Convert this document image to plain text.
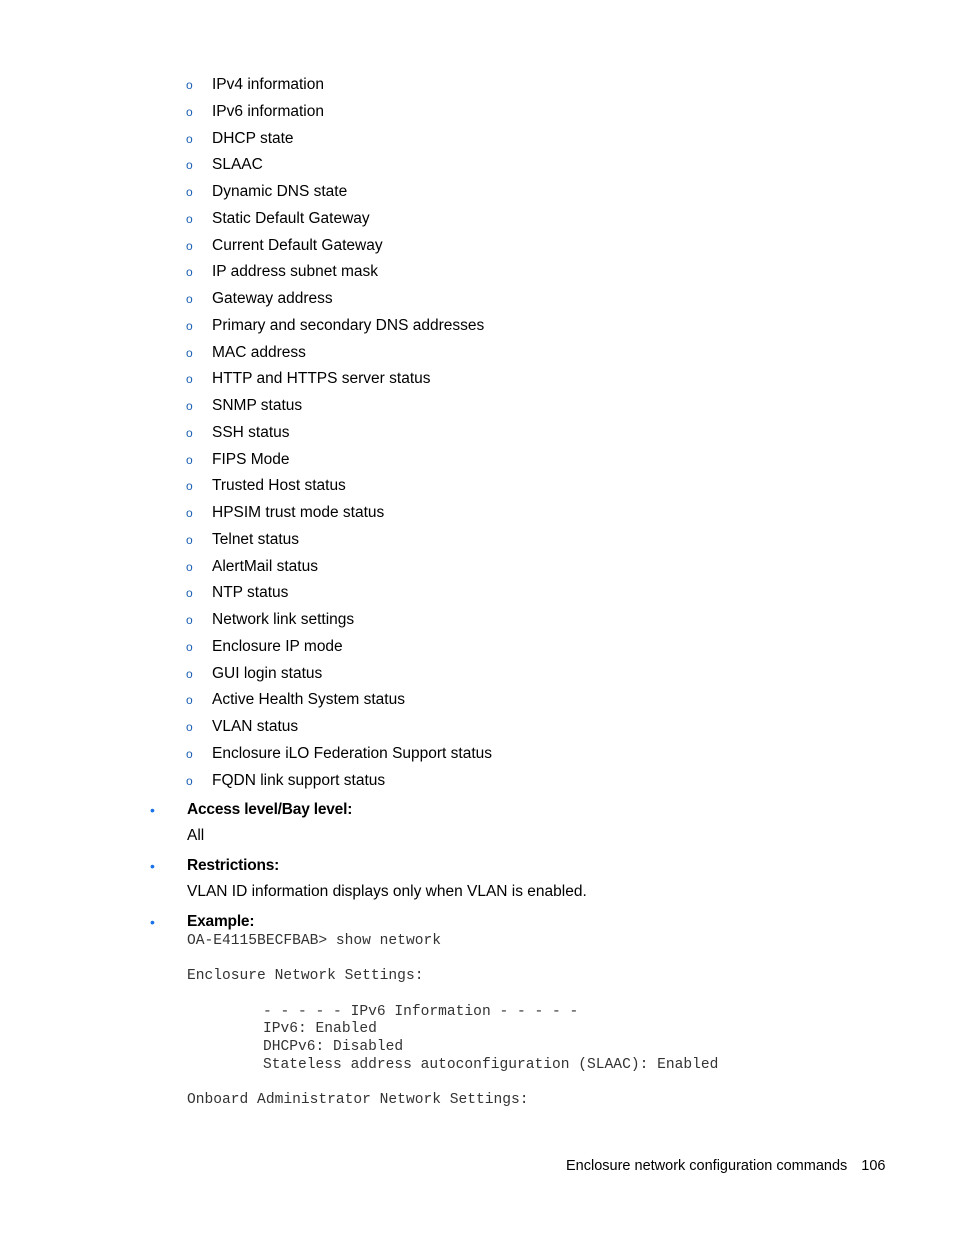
o IPv4 information
o IPv6 information
o DHCP state
o SLAAC
o Dynamic DNS state
o Static Default Gateway
o Current Default Gateway
o IP address subnet mask
o Gateway address
o Primary and secondary DNS addresses
o MAC address
o HTTP and HTTPS server status
o SNMP status
o SSH status
o FIPS Mode
o Trusted Host status
o HPSIM trust mode status
o Telnet status
o AlertMail status
o NTP status
o Network link settings
o Enclosure IP mode
o GUI login status
o Active Health System status
o VLAN status
o Enclosure iLO Federation Support status
o FQDN link support status
• Access level/Bay level:
All
• Restrictions:
VLAN ID information displays only when VLAN is enabled.
• Example:
OA-E4115BECFBAB> show network
Enclosure Network Settings:
- - - - - IPv6 Information - - - - -
IPv6: Enabled
DHCPv6: Disabled
Stateless address autoconfiguration (SLAAC): Enabled
Onboard Administrator Network Settings:
Enclosure network configuration commands 106
